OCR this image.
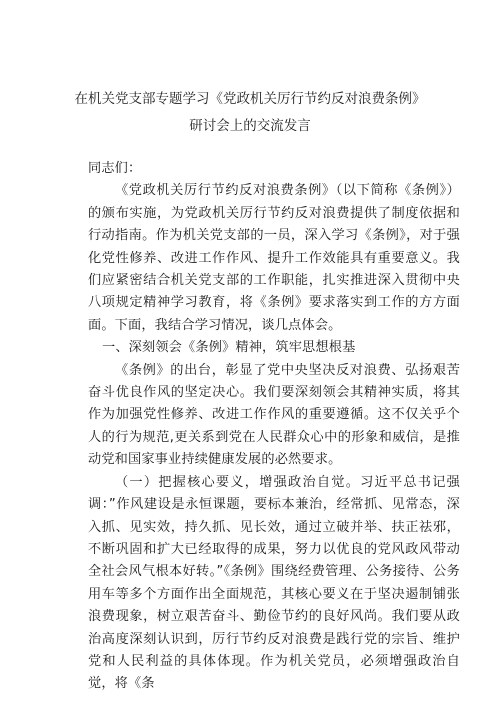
在机关党支部专题学习《党政机关厉行节约反对浪费条例》
研讨会上的交流发言

同志们：

《党政机关厉行节约反对浪费条例》（以下简称《条例》）的颁布实施，为党政机关厉行节约反对浪费提供了制度依据和行动指南。作为机关党支部的一员，深入学习《条例》，对于强化党性修养、改进工作作风、提升工作效能具有重要意义。我们应紧密结合机关党支部的工作职能，扎实推进深入贯彻中央八项规定精神学习教育，将《条例》要求落实到工作的方方面面。下面，我结合学习情况，谈几点体会。

一、深刻领会《条例》精神，筑牢思想根基

《条例》的出台，彰显了党中央坚决反对浪费、弘扬艰苦奋斗优良作风的坚定决心。我们要深刻领会其精神实质，将其作为加强党性修养、改进工作作风的重要遵循。这不仅关乎个人的行为规范,更关系到党在人民群众心中的形象和威信，是推动党和国家事业持续健康发展的必然要求。

（一）把握核心要义，增强政治自觉。习近平总书记强调：”作风建设是永恒课题，要标本兼治，经常抓、见常态，深入抓、见实效，持久抓、见长效，通过立破并举、扶正祛邪，不断巩固和扩大已经取得的成果，努力以优良的党风政风带动全社会风气根本好转。”《条例》围绕经费管理、公务接待、公务用车等多个方面作出全面规范，其核心要义在于坚决遏制铺张浪费现象，树立艰苦奋斗、勤俭节约的良好风尚。我们要从政治高度深刻认识到，厉行节约反对浪费是践行党的宗旨、维护党和人民利益的具体体现。作为机关党员，必须增强政治自觉，将《条
